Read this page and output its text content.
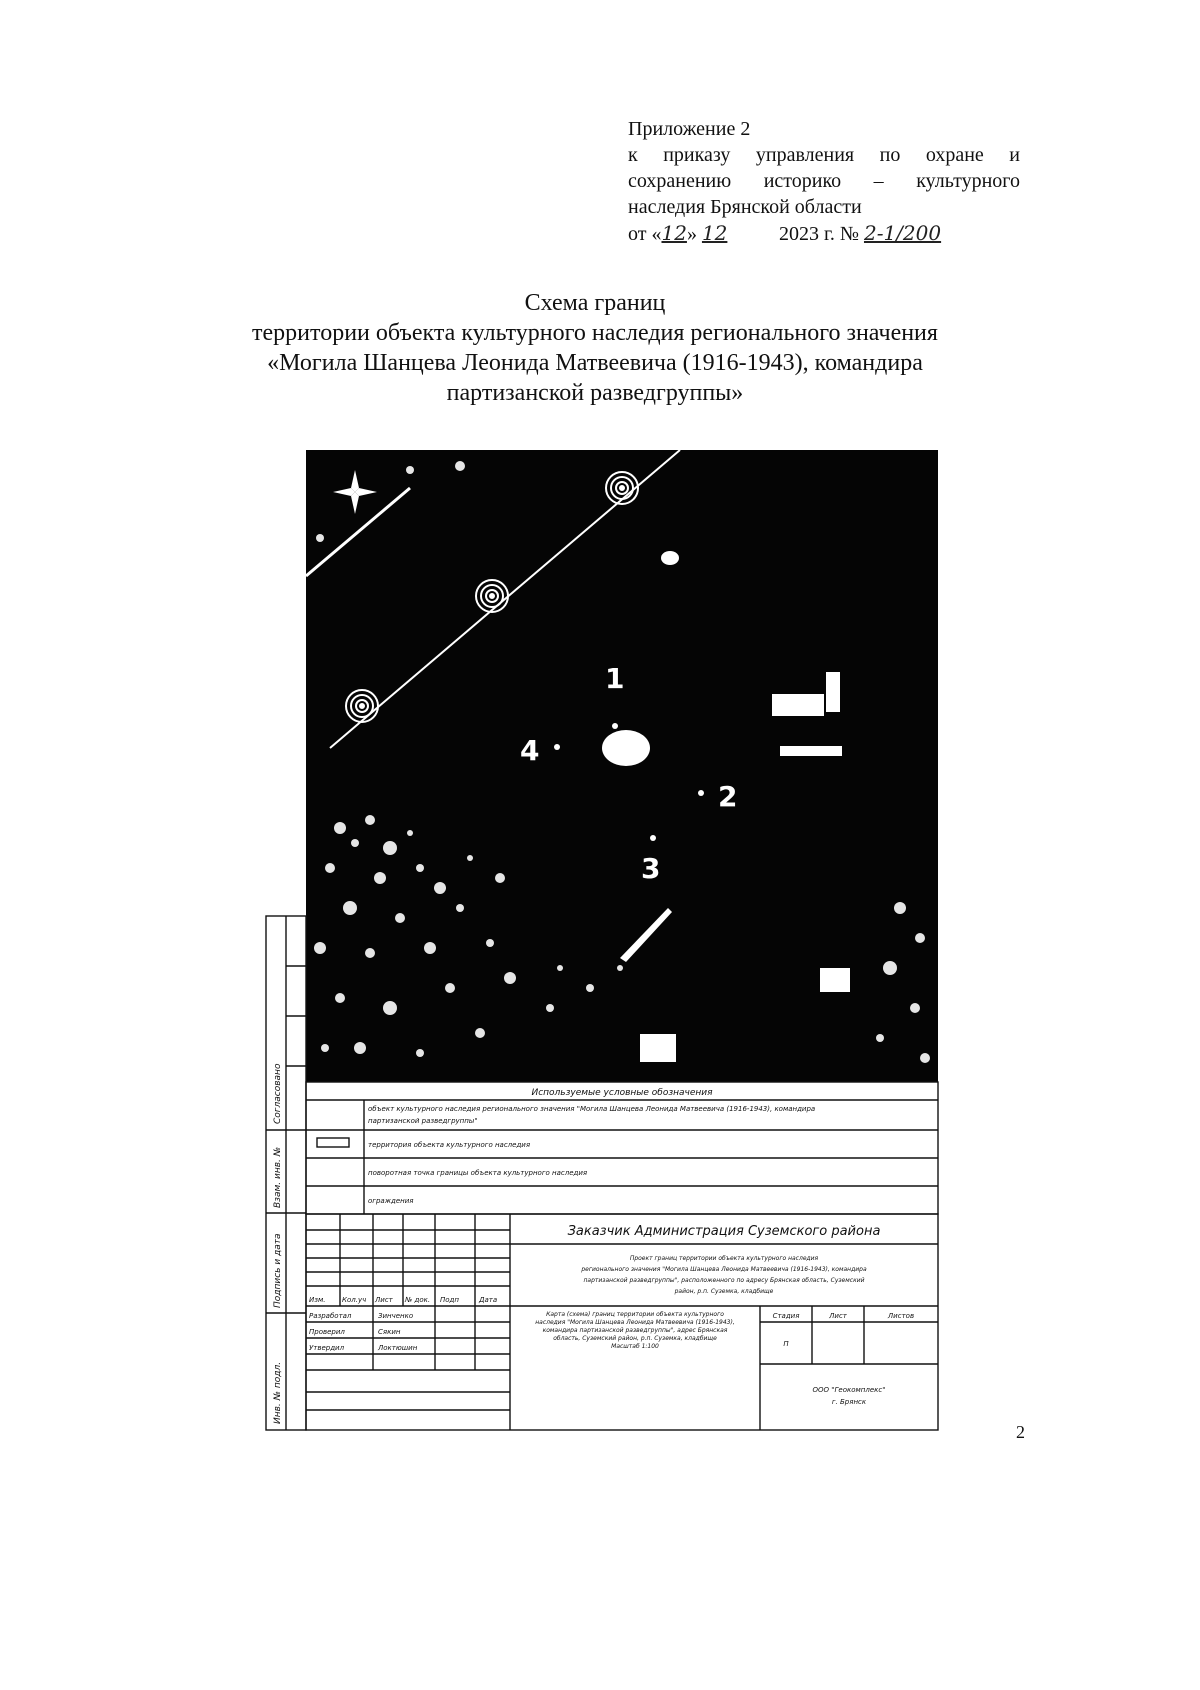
Приложение 2
к приказу управления по охране и
сохранению историко – культурного
наследия Брянской области
от «12» 12	2023 г. № 2-1/200
Схема границ
территории объекта культурного наследия регионального значения
«Могила Шанцева Леонида Матвеевича (1916-1943), командира
партизанской разведгруппы»
1
2
3
4
Согласовано
Взам. инв. №
Подпись и дата
Инв. № подл.
Используемые условные обозначения
объект культурного наследия регионального значения "Могила Шанцева Леонида Матвеевича (1916-1943), командира
партизанской разведгруппы"
территория объекта культурного наследия
поворотная точка границы объекта культурного наследия
ограждения
Заказчик Администрация Суземского района
Проект границ территории объекта культурного наследия
регионального значения "Могила Шанцева Леонида Матвеевича (1916-1943), командира
партизанской разведгруппы", расположенного по адресу Брянская область, Суземский
район, р.п. Суземка, кладбище
Изм. Кол.уч Лист № док. Подп	Дата
Разработал	Зинченко
Проверил	Сякин
Утвердил	Локтюшин
Стадия	Лист	Листов
П
ООО "Геокомплекс"
г. Брянск
Карта (схема) границ территории объекта культурного
наследия "Могила Шанцева Леонида Матвеевича (1916-1943),
командира партизанской разведгруппы", адрес Брянская
область, Суземский район, р.п. Суземка, кладбище
Масштаб 1:100
2
